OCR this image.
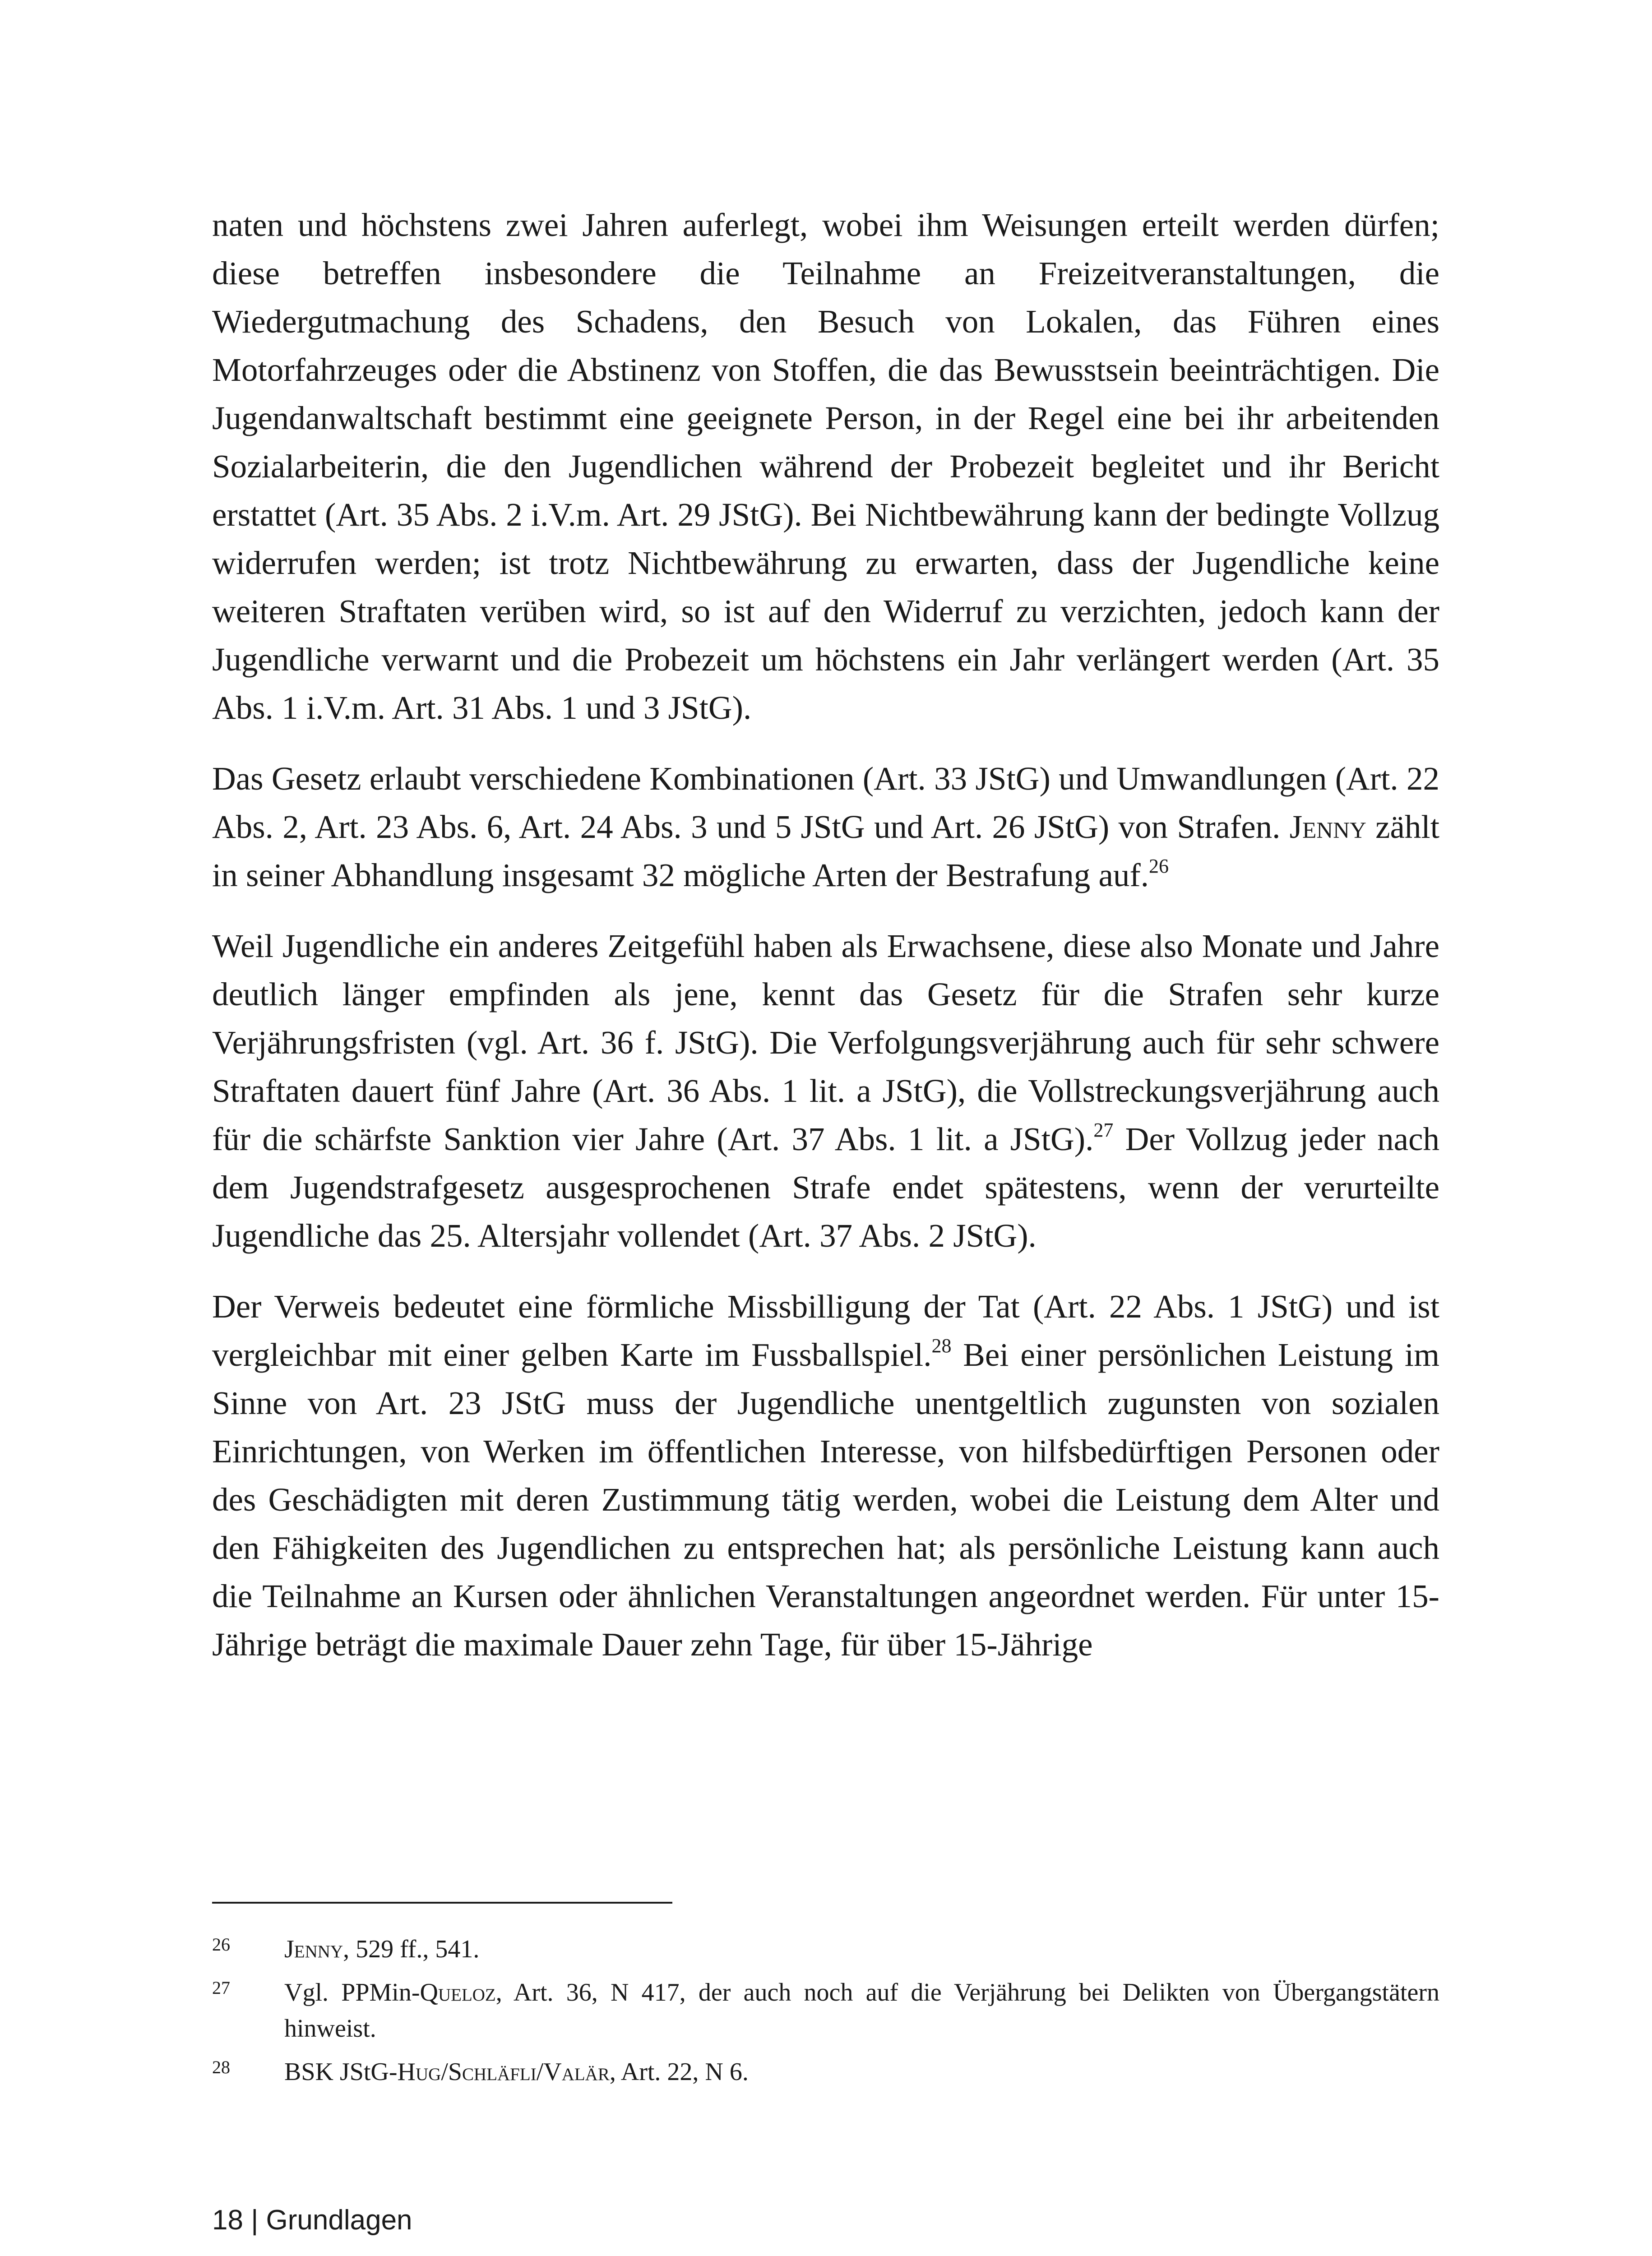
naten und höchstens zwei Jahren auferlegt, wobei ihm Weisungen erteilt werden dürfen; diese betreffen insbesondere die Teilnahme an Freizeitveranstaltungen, die Wiedergutmachung des Schadens, den Besuch von Lokalen, das Führen eines Motorfahrzeuges oder die Abstinenz von Stoffen, die das Bewusstsein beeinträchtigen. Die Jugendanwaltschaft bestimmt eine geeignete Person, in der Regel eine bei ihr arbeitenden Sozialarbeiterin, die den Jugendlichen während der Probezeit begleitet und ihr Bericht erstattet (Art. 35 Abs. 2 i.V.m. Art. 29 JStG). Bei Nichtbewährung kann der bedingte Vollzug widerrufen werden; ist trotz Nichtbewährung zu erwarten, dass der Jugendliche keine weiteren Straftaten verüben wird, so ist auf den Widerruf zu verzichten, jedoch kann der Jugendliche verwarnt und die Probezeit um höchstens ein Jahr verlängert werden (Art. 35 Abs. 1 i.V.m. Art. 31 Abs. 1 und 3 JStG).

Das Gesetz erlaubt verschiedene Kombinationen (Art. 33 JStG) und Umwandlungen (Art. 22 Abs. 2, Art. 23 Abs. 6, Art. 24 Abs. 3 und 5 JStG und Art. 26 JStG) von Strafen. Jenny zählt in seiner Abhandlung insgesamt 32 mögliche Arten der Bestrafung auf.$^{26}$

Weil Jugendliche ein anderes Zeitgefühl haben als Erwachsene, diese also Monate und Jahre deutlich länger empfinden als jene, kennt das Gesetz für die Strafen sehr kurze Verjährungsfristen (vgl. Art. 36 f. JStG). Die Verfolgungsverjährung auch für sehr schwere Straftaten dauert fünf Jahre (Art. 36 Abs. 1 lit. a JStG), die Vollstreckungsverjährung auch für die schärfste Sanktion vier Jahre (Art. 37 Abs. 1 lit. a JStG).$^{27}$ Der Vollzug jeder nach dem Jugendstrafgesetz ausgesprochenen Strafe endet spätestens, wenn der verurteilte Jugendliche das 25. Altersjahr vollendet (Art. 37 Abs. 2 JStG).

Der Verweis bedeutet eine förmliche Missbilligung der Tat (Art. 22 Abs. 1 JStG) und ist vergleichbar mit einer gelben Karte im Fussballspiel.$^{28}$ Bei einer persönlichen Leistung im Sinne von Art. 23 JStG muss der Jugendliche unentgeltlich zugunsten von sozialen Einrichtungen, von Werken im öffentlichen Interesse, von hilfsbedürftigen Personen oder des Geschädigten mit deren Zustimmung tätig werden, wobei die Leistung dem Alter und den Fähigkeiten des Jugendlichen zu entsprechen hat; als persönliche Leistung kann auch die Teilnahme an Kursen oder ähnlichen Veranstaltungen angeordnet werden. Für unter 15-Jährige beträgt die maximale Dauer zehn Tage, für über 15-Jährige

26	Jenny, 529 ff., 541.
27	Vgl. PPMin-Queloz, Art. 36, N 417, der auch noch auf die Verjährung bei Delikten von Übergangstätern hinweist.
28	BSK JStG-Hug/Schläfli/Valär, Art. 22, N 6.
18 | Grundlagen
